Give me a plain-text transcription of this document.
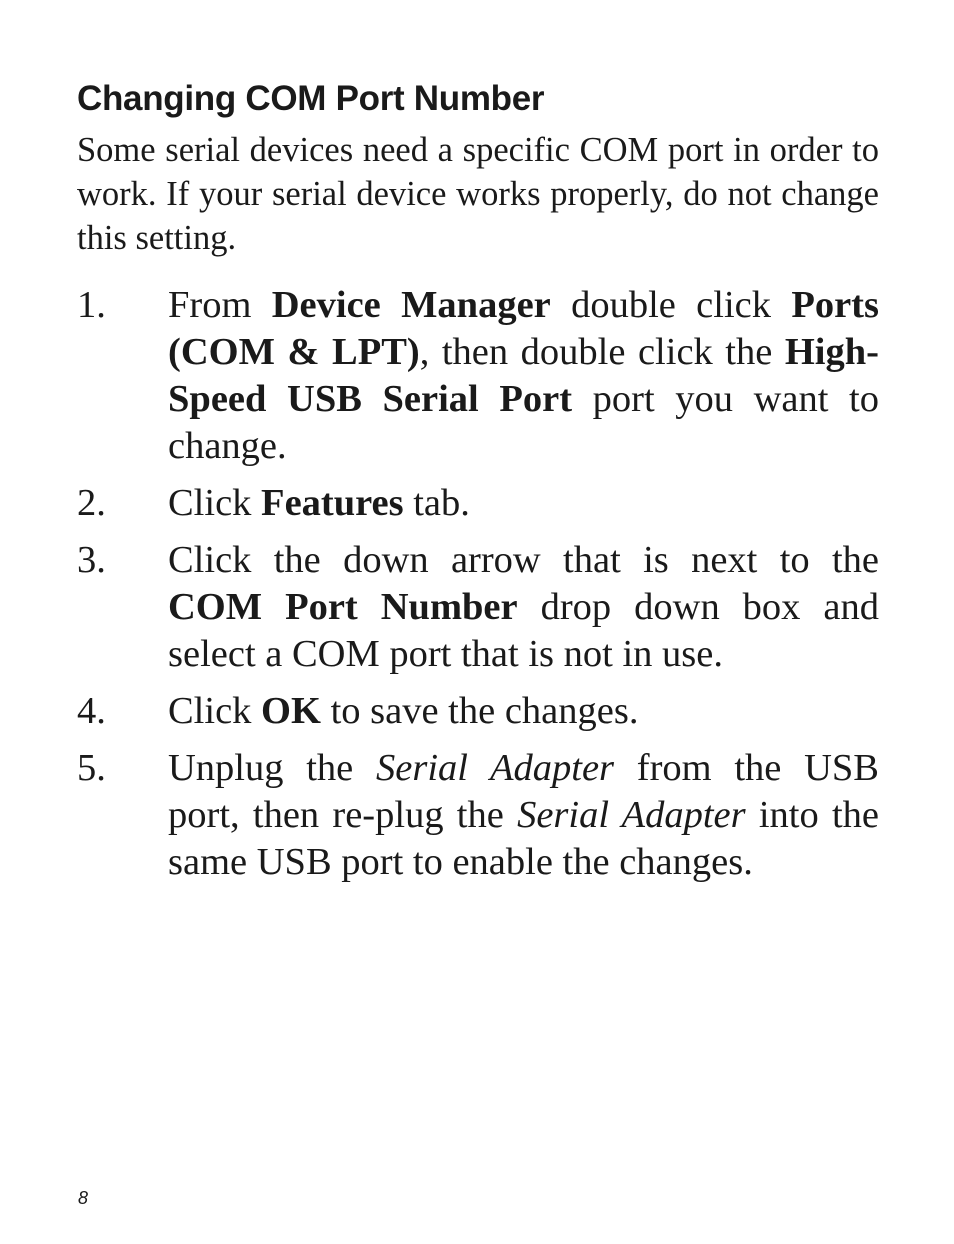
Changing COM Port Number

Some serial devices need a specific COM port in order to work. If your serial device works properly, do not change this setting.

1.	From Device Manager double click Ports (COM & LPT), then double click the High-Speed USB Serial Port port you want to change.
2.	Click Features tab.
3.	Click the down arrow that is next to the COM Port Number drop down box and select a COM port that is not in use.
4.	Click OK to save the changes.
5.	Unplug the Serial Adapter from the USB port, then re-plug the Serial Adapter into the same USB port to enable the changes.
8
